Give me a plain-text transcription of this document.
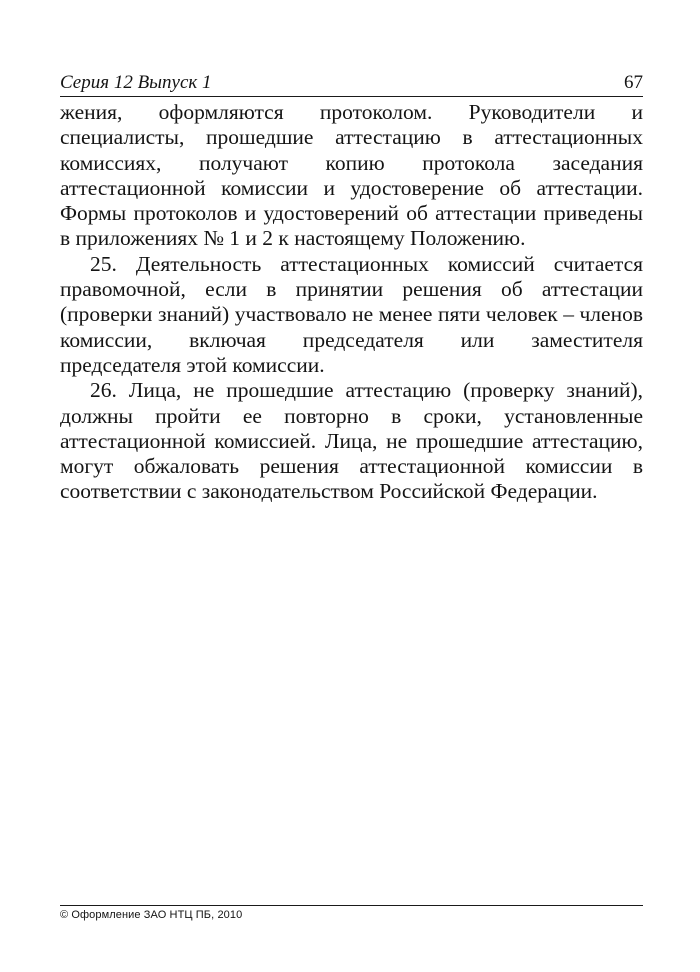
Серия 12 Выпуск 1	67

жения, оформляются протоколом. Руководители и специалисты, прошедшие аттестацию в аттестационных комиссиях, получают копию протокола заседания аттестационной комиссии и удостоверение об аттестации. Формы протоколов и удостоверений об аттестации приведены в приложениях № 1 и 2 к настоящему Положению.

25. Деятельность аттестационных комиссий считается правомочной, если в принятии решения об аттестации (проверки знаний) участвовало не менее пяти человек – членов комиссии, включая председателя или заместителя председателя этой комиссии.

26. Лица, не прошедшие аттестацию (проверку знаний), должны пройти ее повторно в сроки, установленные аттестационной комиссией. Лица, не прошедшие аттестацию, могут обжаловать решения аттестационной комиссии в соответствии с законодательством Российской Федерации.

© Оформление ЗАО НТЦ ПБ, 2010
